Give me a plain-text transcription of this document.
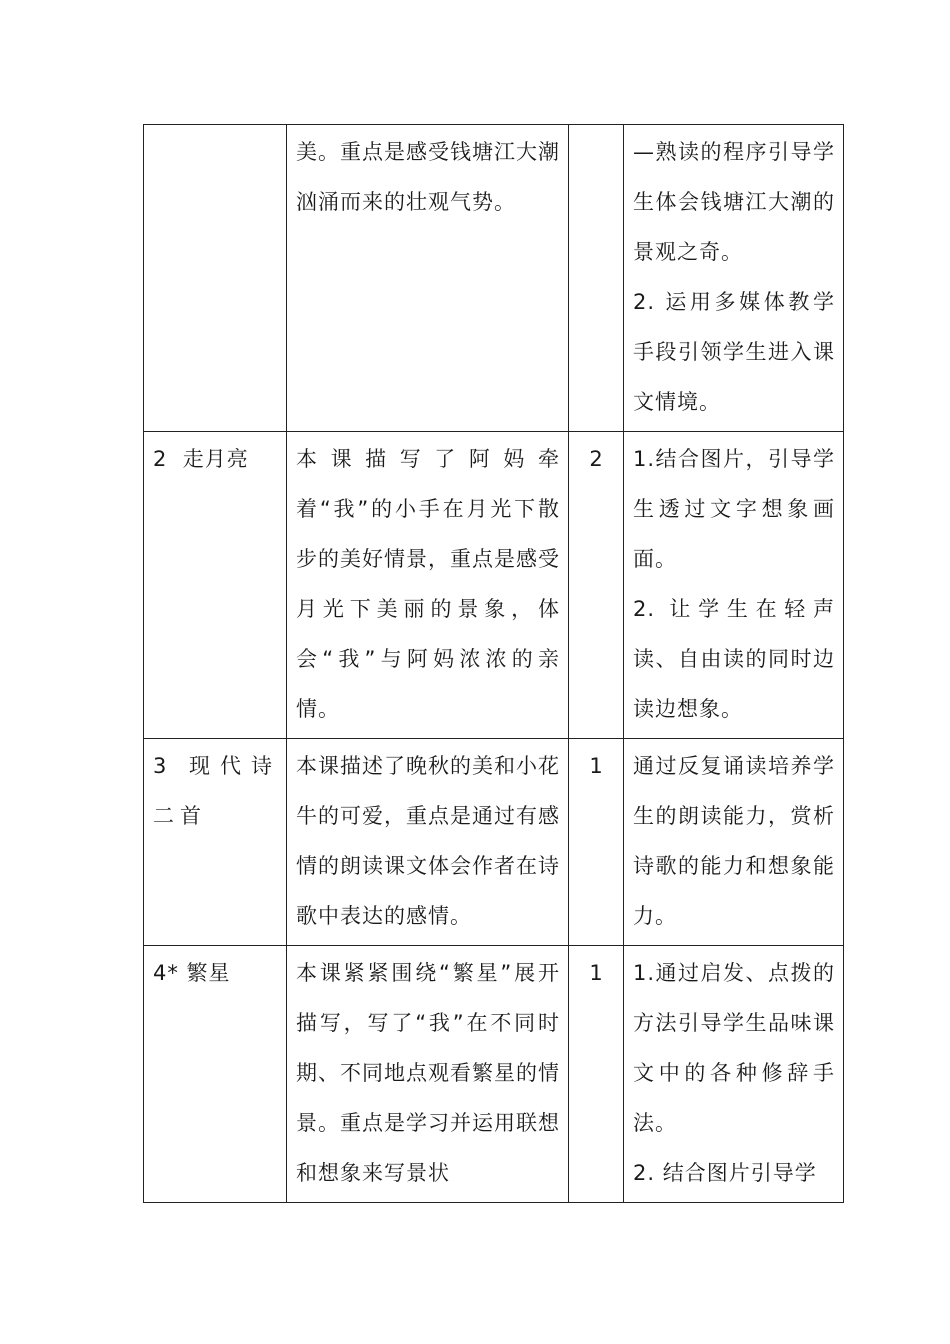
	美。重点是感受钱塘江大潮汹涌而来的壮观气势。		—熟读的程序引导学生体会钱塘江大潮的景观之奇。
2. 运用多媒体教学手段引领学生进入课文情境。

2  走月亮	本课描写了阿妈牵着“我”的小手在月光下散步的美好情景，重点是感受月光下美丽的景象，体会“我”与阿妈浓浓的亲情。	2	1.结合图片，引导学生透过文字想象画面。
2. 让学生在轻声读、自由读的同时边读边想象。

3 现代诗二首	本课描述了晚秋的美和小花牛的可爱，重点是通过有感情的朗读课文体会作者在诗歌中表达的感情。	1	通过反复诵读培养学生的朗读能力，赏析诗歌的能力和想象能力。

4* 繁星	本课紧紧围绕“繁星”展开描写，写了“我”在不同时期、不同地点观看繁星的情景。重点是学习并运用联想和想象来写景状	1	1.通过启发、点拨的方法引导学生品味课文中的各种修辞手法。
2. 结合图片引导学
